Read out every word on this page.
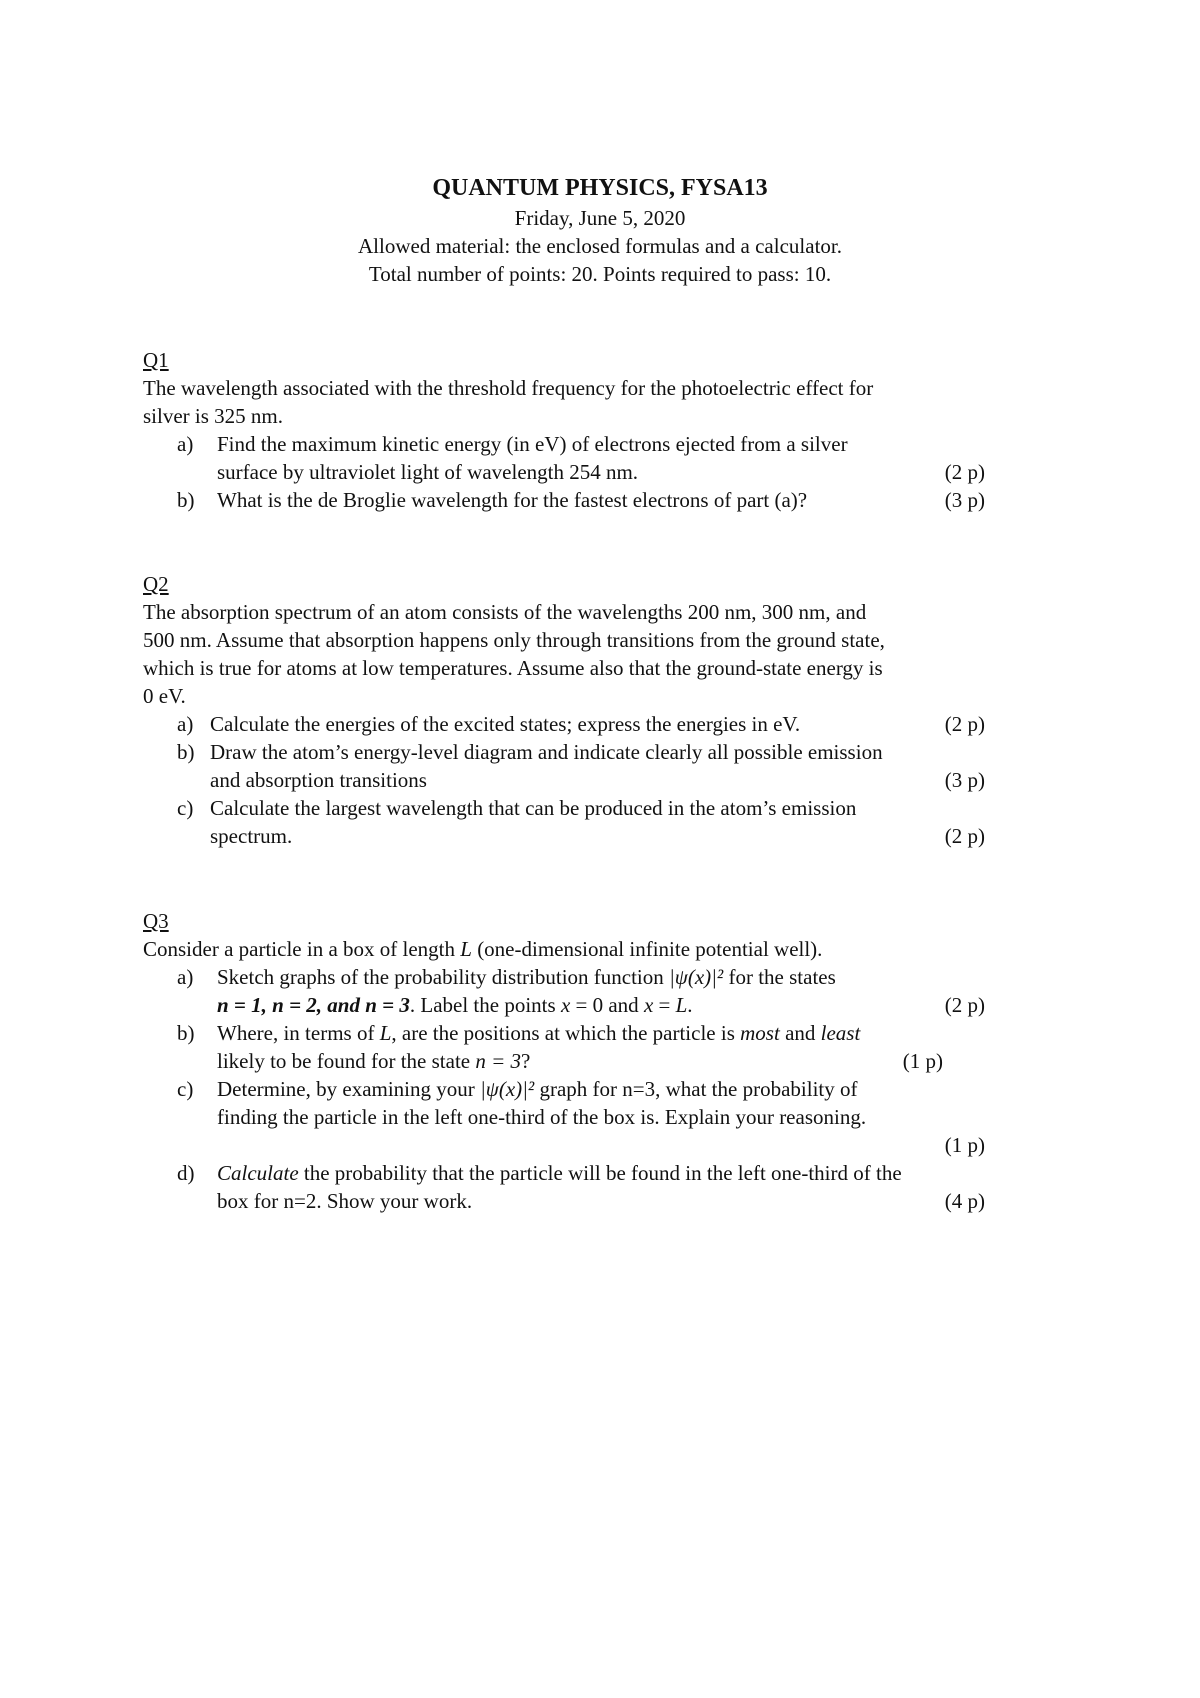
QUANTUM PHYSICS, FYSA13
Friday, June 5, 2020
Allowed material: the enclosed formulas and a calculator.
Total number of points: 20. Points required to pass: 10.
Q1
The wavelength associated with the threshold frequency for the photoelectric effect for
silver is 325 nm.
a) Find the maximum kinetic energy (in eV) of electrons ejected from a silver
surface by ultraviolet light of wavelength 254 nm.	(2 p)
b) What is the de Broglie wavelength for the fastest electrons of part (a)?	(3 p)
Q2
The absorption spectrum of an atom consists of the wavelengths 200 nm, 300 nm, and
500 nm. Assume that absorption happens only through transitions from the ground state,
which is true for atoms at low temperatures. Assume also that the ground-state energy is
0 eV.
a) Calculate the energies of the excited states; express the energies in eV.	(2 p)
b) Draw the atom’s energy-level diagram and indicate clearly all possible emission
and absorption transitions	(3 p)
c) Calculate the largest wavelength that can be produced in the atom’s emission
spectrum.	(2 p)
Q3
Consider a particle in a box of length L (one-dimensional infinite potential well).
a) Sketch graphs of the probability distribution function |ψ(x)|² for the states
n = 1, n = 2, and n = 3. Label the points x = 0 and x = L.	(2 p)
b) Where, in terms of L, are the positions at which the particle is most and least
likely to be found for the state n = 3?	(1 p)
c) Determine, by examining your |ψ(x)|² graph for n=3, what the probability of
finding the particle in the left one-third of the box is. Explain your reasoning.
(1 p)
d) Calculate the probability that the particle will be found in the left one-third of the
box for n=2. Show your work.	(4 p)
